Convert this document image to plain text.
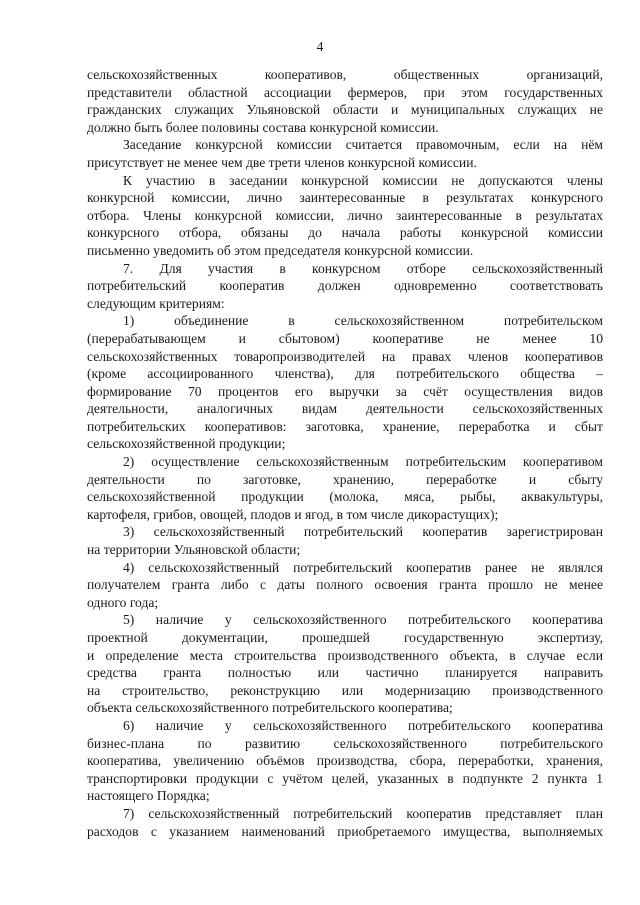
4
сельскохозяйственных кооперативов, общественных организаций,
представители областной ассоциации фермеров, при этом государственных
гражданских служащих Ульяновской области и муниципальных служащих не
должно быть более половины состава конкурсной комиссии.
Заседание конкурсной комиссии считается правомочным, если на нём
присутствует не менее чем две трети членов конкурсной комиссии.
К участию в заседании конкурсной комиссии не допускаются члены
конкурсной комиссии, лично заинтересованные в результатах конкурсного
отбора. Члены конкурсной комиссии, лично заинтересованные в результатах
конкурсного отбора, обязаны до начала работы конкурсной комиссии
письменно уведомить об этом председателя конкурсной комиссии.
7. Для участия в конкурсном отборе сельскохозяйственный
потребительский кооператив должен одновременно соответствовать
следующим критериям:
1) объединение в сельскохозяйственном потребительском
(перерабатывающем и сбытовом) кооперативе не менее 10
сельскохозяйственных товаропроизводителей на правах членов кооперативов
(кроме ассоциированного членства), для потребительского общества –
формирование 70 процентов его выручки за счёт осуществления видов
деятельности, аналогичных видам деятельности сельскохозяйственных
потребительских кооперативов: заготовка, хранение, переработка и сбыт
сельскохозяйственной продукции;
2) осуществление сельскохозяйственным потребительским кооперативом
деятельности по заготовке, хранению, переработке и сбыту
сельскохозяйственной продукции (молока, мяса, рыбы, аквакультуры,
картофеля, грибов, овощей, плодов и ягод, в том числе дикорастущих);
3) сельскохозяйственный потребительский кооператив зарегистрирован
на территории Ульяновской области;
4) сельскохозяйственный потребительский кооператив ранее не являлся
получателем гранта либо с даты полного освоения гранта прошло не менее
одного года;
5) наличие у сельскохозяйственного потребительского кооператива
проектной документации, прошедшей государственную экспертизу,
и определение места строительства производственного объекта, в случае если
средства гранта полностью или частично планируется направить
на строительство, реконструкцию или модернизацию производственного
объекта сельскохозяйственного потребительского кооператива;
6) наличие у сельскохозяйственного потребительского кооператива
бизнес-плана по развитию сельскохозяйственного потребительского
кооператива, увеличению объёмов производства, сбора, переработки, хранения,
транспортировки продукции с учётом целей, указанных в подпункте 2 пункта 1
настоящего Порядка;
7) сельскохозяйственный потребительский кооператив представляет план
расходов с указанием наименований приобретаемого имущества, выполняемых
